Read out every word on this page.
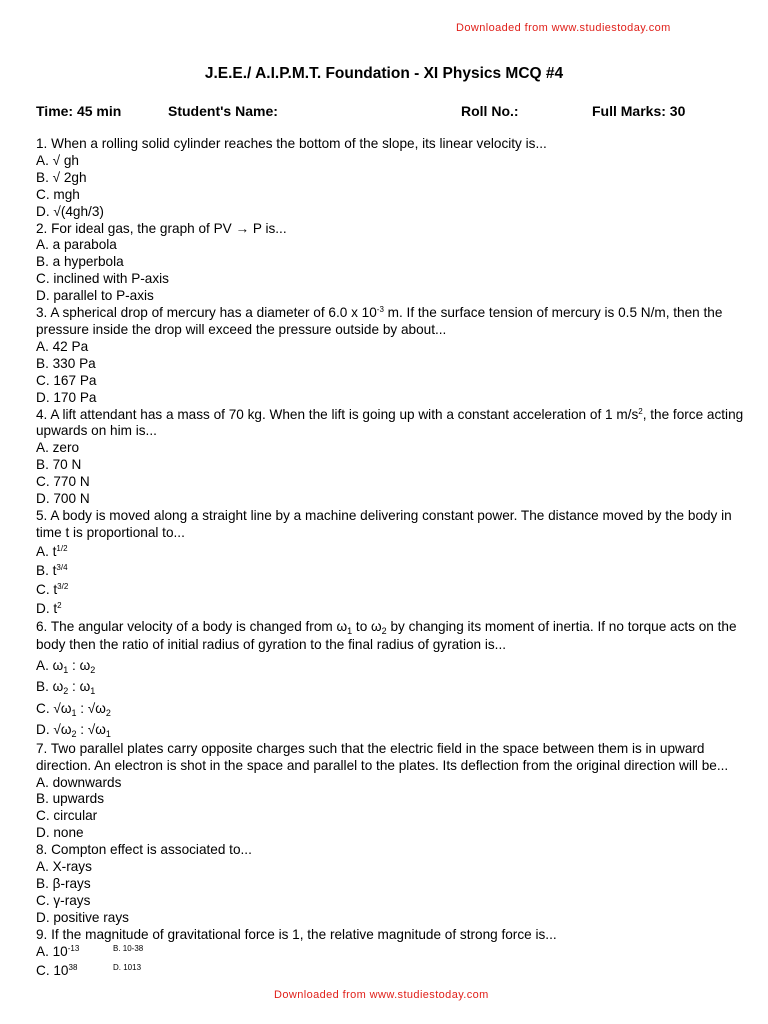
Downloaded from www.studiestoday.com
J.E.E./ A.I.P.M.T. Foundation - XI Physics MCQ #4
Time: 45 min	Student's Name:	Roll No.:	Full Marks: 30
1. When a rolling solid cylinder reaches the bottom of the slope, its linear velocity is...
A. √ gh
B. √ 2gh
C. mgh
D. √(4gh/3)
2. For ideal gas, the graph of PV → P is...
A. a parabola
B. a hyperbola
C. inclined with P-axis
D. parallel to P-axis
3. A spherical drop of mercury has a diameter of 6.0 x $10^{-3}$ m. If the surface tension of mercury is 0.5 N/m, then the pressure inside the drop will exceed the pressure outside by about...
A. 42 Pa
B. 330 Pa
C. 167 Pa
D. 170 Pa
4. A lift attendant has a mass of 70 kg. When the lift is going up with a constant acceleration of 1 $m/s^2$, the force acting upwards on him is...
A. zero
B. 70 N
C. 770 N
D. 700 N
5. A body is moved along a straight line by a machine delivering constant power. The distance moved by the body in time t is proportional to...
A. $t^{1/2}$
B. $t^{3/4}$
C. $t^{3/2}$
D. $t^2$
6. The angular velocity of a body is changed from $\omega_1$ to $\omega_2$ by changing its moment of inertia. If no torque acts on the body then the ratio of initial radius of gyration to the final radius of gyration is...
A. $\omega_1$ : $\omega_2$
B. $\omega_2$ : $\omega_1$
C. $√\omega_1$ : $√\omega_2$
D. $√\omega_2$ : $√\omega_1$
7. Two parallel plates carry opposite charges such that the electric field in the space between them is in upward direction. An electron is shot in the space and parallel to the plates. Its deflection from the original direction will be...
A. downwards
B. upwards
C. circular
D. none
8. Compton effect is associated to...
A. X-rays
B. β-rays
C. γ-rays
D. positive rays
9. If the magnitude of gravitational force is 1, the relative magnitude of strong force is...
A. $10^{-13}$	B. 10-38
C. $10^{38}$	D. 1013
Downloaded from www.studiestoday.com
